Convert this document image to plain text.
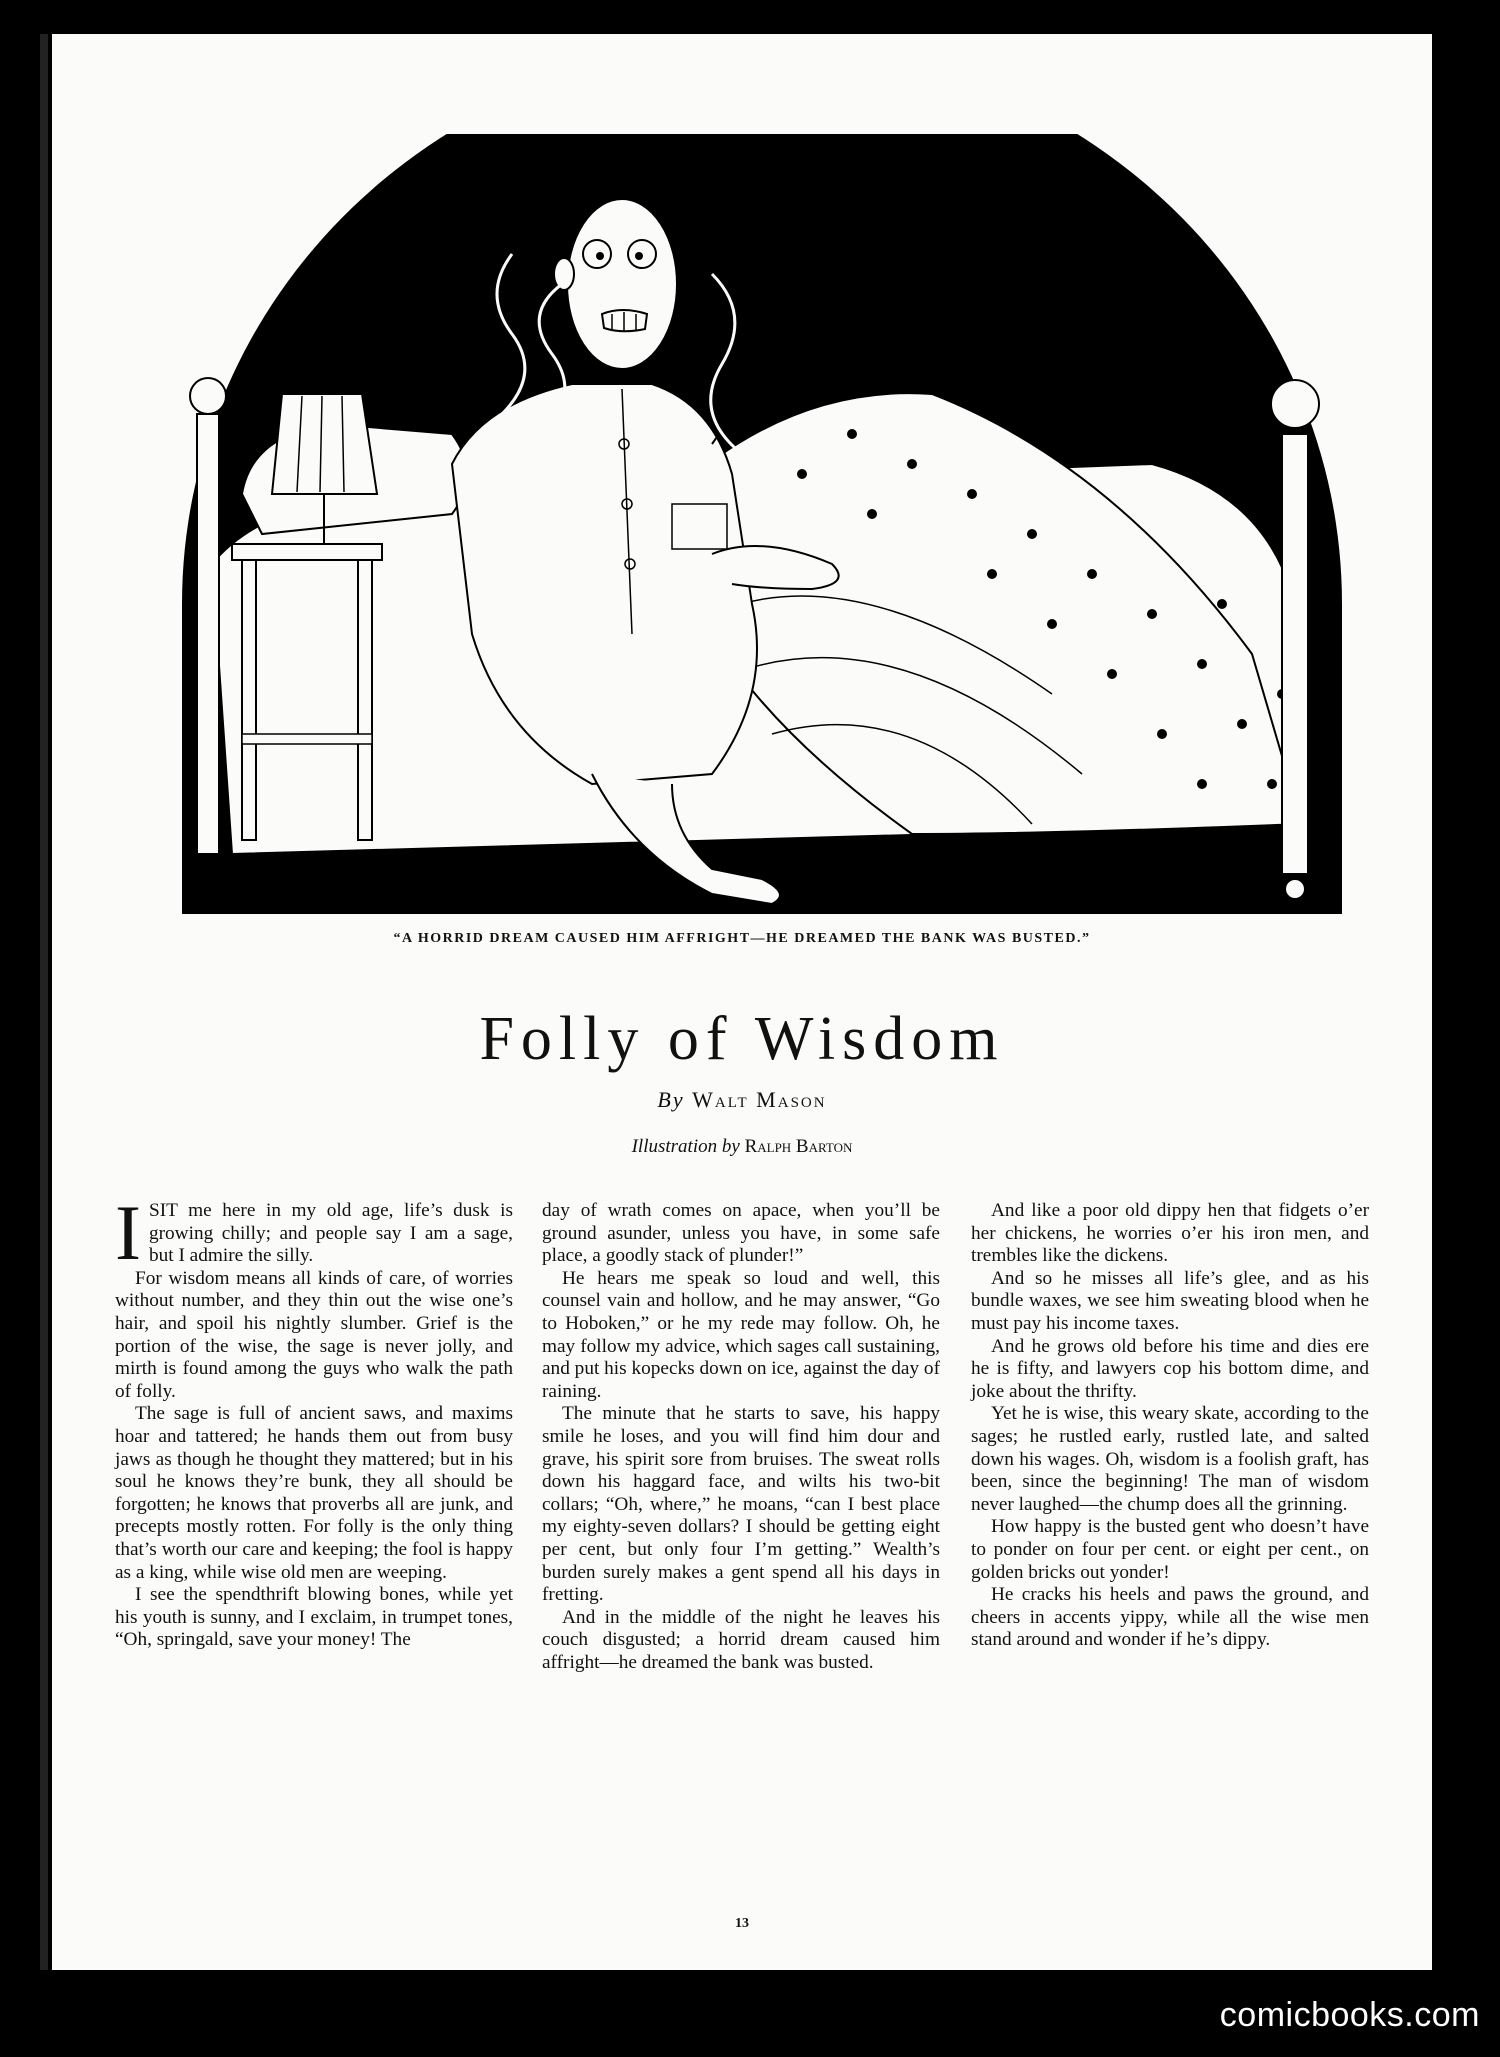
RALPH
BARTON
“A HORRID DREAM CAUSED HIM AFFRIGHT—HE DREAMED THE BANK WAS BUSTED.”
Folly of Wisdom
By Walt Mason
Illustration by Ralph Barton

ISIT me here in my old age, life’s dusk is growing chilly; and people say I am a sage, but I admire the silly.

For wisdom means all kinds of care, of worries without number, and they thin out the wise one’s hair, and spoil his nightly slumber. Grief is the portion of the wise, the sage is never jolly, and mirth is found among the guys who walk the path of folly.

The sage is full of ancient saws, and maxims hoar and tattered; he hands them out from busy jaws as though he thought they mattered; but in his soul he knows they’re bunk, they all should be forgotten; he knows that proverbs all are junk, and precepts mostly rotten. For folly is the only thing that’s worth our care and keeping; the fool is happy as a king, while wise old men are weeping.

I see the spendthrift blowing bones, while yet his youth is sunny, and I exclaim, in trumpet tones, “Oh, springald, save your money! The

day of wrath comes on apace, when you’ll be ground asunder, unless you have, in some safe place, a goodly stack of plunder!”

He hears me speak so loud and well, this counsel vain and hollow, and he may answer, “Go to Hoboken,” or he my rede may follow. Oh, he may follow my advice, which sages call sustaining, and put his kopecks down on ice, against the day of raining.

The minute that he starts to save, his happy smile he loses, and you will find him dour and grave, his spirit sore from bruises. The sweat rolls down his haggard face, and wilts his two-bit collars; “Oh, where,” he moans, “can I best place my eighty-seven dollars? I should be getting eight per cent, but only four I’m getting.” Wealth’s burden surely makes a gent spend all his days in fretting.

And in the middle of the night he leaves his couch disgusted; a horrid dream caused him affright—he dreamed the bank was busted.

And like a poor old dippy hen that fidgets o’er her chickens, he worries o’er his iron men, and trembles like the dickens.

And so he misses all life’s glee, and as his bundle waxes, we see him sweating blood when he must pay his income taxes.

And he grows old before his time and dies ere he is fifty, and lawyers cop his bottom dime, and joke about the thrifty.

Yet he is wise, this weary skate, according to the sages; he rustled early, rustled late, and salted down his wages. Oh, wisdom is a foolish graft, has been, since the beginning! The man of wisdom never laughed—the chump does all the grinning.

How happy is the busted gent who doesn’t have to ponder on four per cent. or eight per cent., on golden bricks out yonder!

He cracks his heels and paws the ground, and cheers in accents yippy, while all the wise men stand around and wonder if he’s dippy.

13
comicbooks.com
